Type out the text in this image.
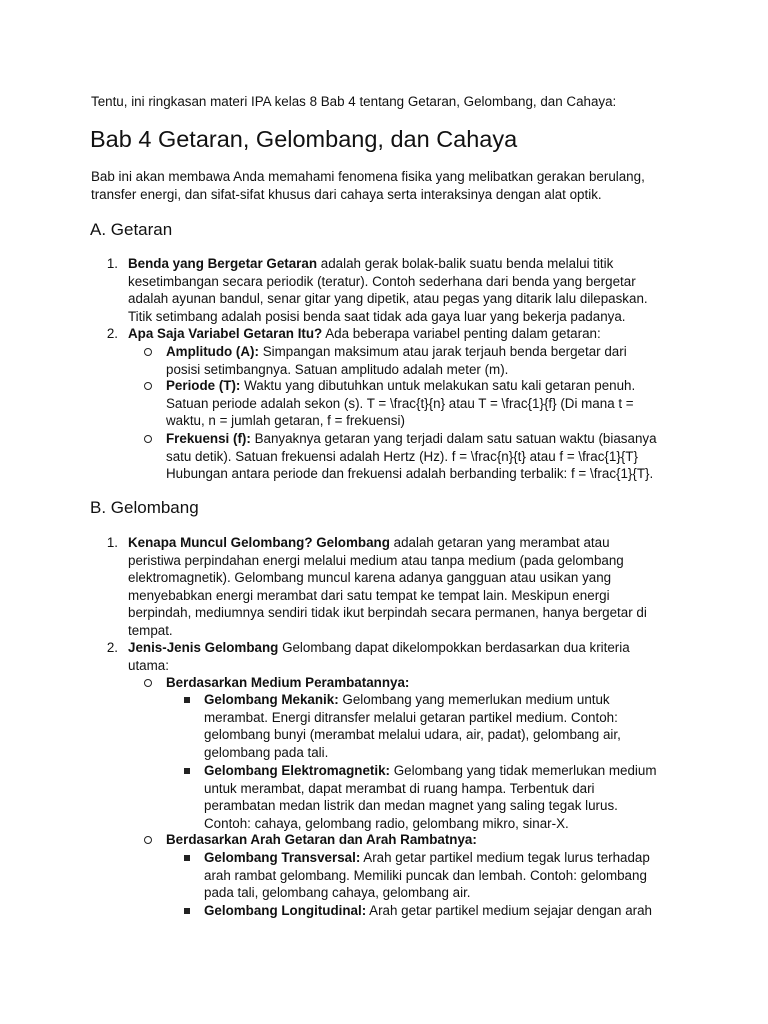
Tentu, ini ringkasan materi IPA kelas 8 Bab 4 tentang Getaran, Gelombang, dan Cahaya:
Bab 4 Getaran, Gelombang, dan Cahaya
Bab ini akan membawa Anda memahami fenomena fisika yang melibatkan gerakan berulang,
transfer energi, dan sifat-sifat khusus dari cahaya serta interaksinya dengan alat optik.
A. Getaran
1. Benda yang Bergetar Getaran adalah gerak bolak-balik suatu benda melalui titik
kesetimbangan secara periodik (teratur). Contoh sederhana dari benda yang bergetar
adalah ayunan bandul, senar gitar yang dipetik, atau pegas yang ditarik lalu dilepaskan.
Titik setimbang adalah posisi benda saat tidak ada gaya luar yang bekerja padanya.
2. Apa Saja Variabel Getaran Itu? Ada beberapa variabel penting dalam getaran:
Amplitudo (A): Simpangan maksimum atau jarak terjauh benda bergetar dari
posisi setimbangnya. Satuan amplitudo adalah meter (m).
Periode (T): Waktu yang dibutuhkan untuk melakukan satu kali getaran penuh.
Satuan periode adalah sekon (s). T = \frac{t}{n} atau T = \frac{1}{f} (Di mana t =
waktu, n = jumlah getaran, f = frekuensi)
Frekuensi (f): Banyaknya getaran yang terjadi dalam satu satuan waktu (biasanya
satu detik). Satuan frekuensi adalah Hertz (Hz). f = \frac{n}{t} atau f = \frac{1}{T}
Hubungan antara periode dan frekuensi adalah berbanding terbalik: f = \frac{1}{T}.
B. Gelombang
1. Kenapa Muncul Gelombang? Gelombang adalah getaran yang merambat atau
peristiwa perpindahan energi melalui medium atau tanpa medium (pada gelombang
elektromagnetik). Gelombang muncul karena adanya gangguan atau usikan yang
menyebabkan energi merambat dari satu tempat ke tempat lain. Meskipun energi
berpindah, mediumnya sendiri tidak ikut berpindah secara permanen, hanya bergetar di
tempat.
2. Jenis-Jenis Gelombang Gelombang dapat dikelompokkan berdasarkan dua kriteria
utama:
Berdasarkan Medium Perambatannya:
Gelombang Mekanik: Gelombang yang memerlukan medium untuk
merambat. Energi ditransfer melalui getaran partikel medium. Contoh:
gelombang bunyi (merambat melalui udara, air, padat), gelombang air,
gelombang pada tali.
Gelombang Elektromagnetik: Gelombang yang tidak memerlukan medium
untuk merambat, dapat merambat di ruang hampa. Terbentuk dari
perambatan medan listrik dan medan magnet yang saling tegak lurus.
Contoh: cahaya, gelombang radio, gelombang mikro, sinar-X.
Berdasarkan Arah Getaran dan Arah Rambatnya:
Gelombang Transversal: Arah getar partikel medium tegak lurus terhadap
arah rambat gelombang. Memiliki puncak dan lembah. Contoh: gelombang
pada tali, gelombang cahaya, gelombang air.
Gelombang Longitudinal: Arah getar partikel medium sejajar dengan arah
